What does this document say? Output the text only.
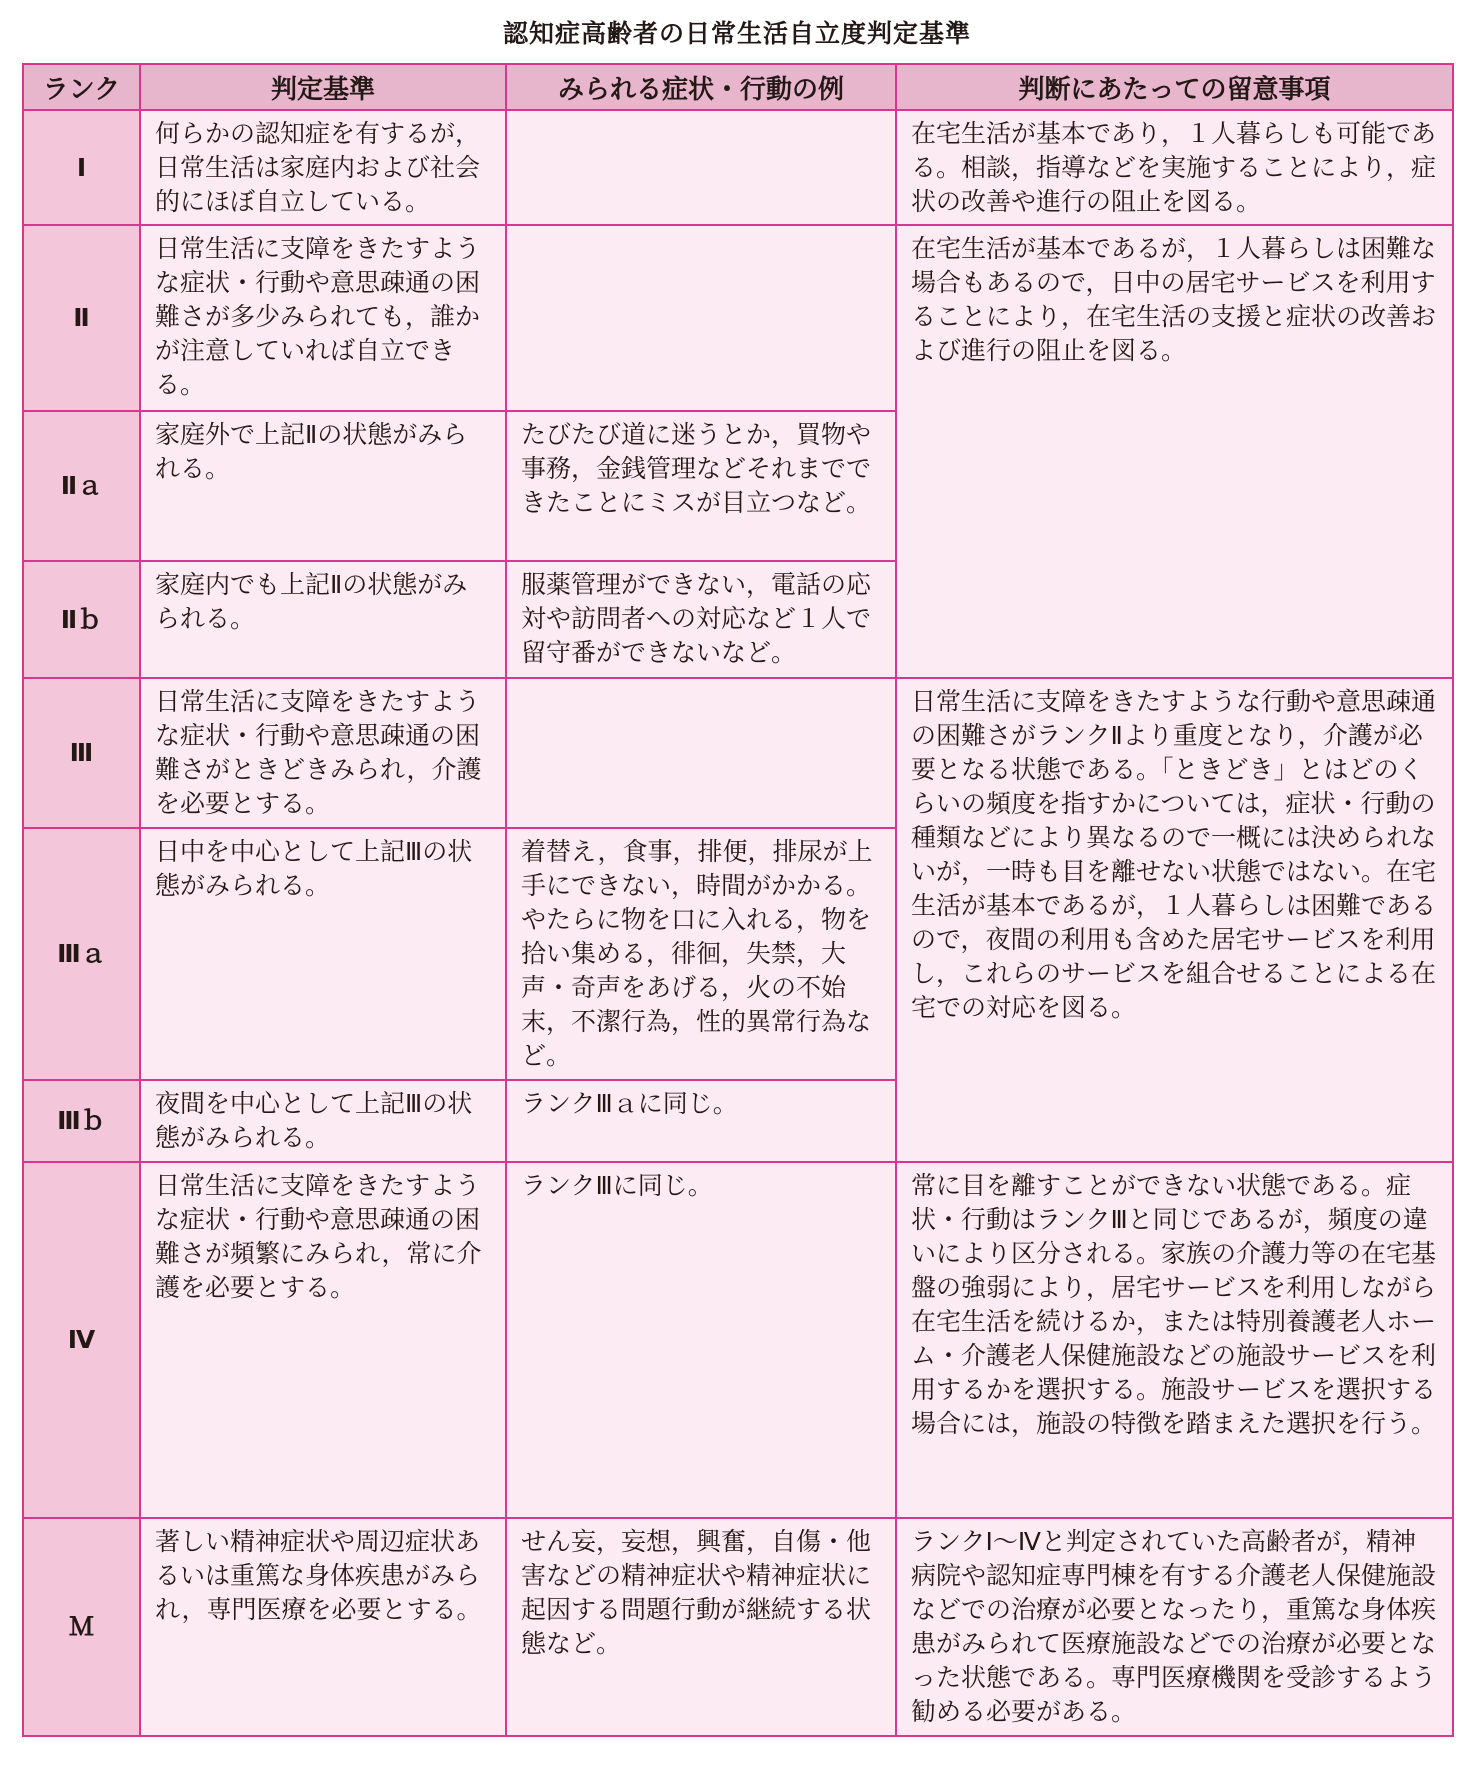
認知症高齢者の日常生活自立度判定基準
ランク	判定基準	みられる症状・行動の例	判断にあたっての留意事項
Ⅰ	何らかの認知症を有するが，日常生活は家庭内および社会的にほぼ自立している。		在宅生活が基本であり，１人暮らしも可能である。相談，指導などを実施することにより，症状の改善や進行の阻止を図る。
Ⅱ	日常生活に支障をきたすような症状・行動や意思疎通の困難さが多少みられても，誰かが注意していれば自立できる。		在宅生活が基本であるが，１人暮らしは困難な場合もあるので，日中の居宅サービスを利用することにより，在宅生活の支援と症状の改善および進行の阻止を図る。
Ⅱａ	家庭外で上記Ⅱの状態がみられる。	たびたび道に迷うとか，買物や事務，金銭管理などそれまでできたことにミスが目立つなど。	
Ⅱｂ	家庭内でも上記Ⅱの状態がみられる。	服薬管理ができない，電話の応対や訪問者への対応など１人で留守番ができないなど。	
Ⅲ	日常生活に支障をきたすような症状・行動や意思疎通の困難さがときどきみられ，介護を必要とする。		日常生活に支障をきたすような行動や意思疎通の困難さがランクⅡより重度となり，介護が必要となる状態である。「ときどき」とはどのくらいの頻度を指すかについては，症状・行動の種類などにより異なるので一概には決められないが，一時も目を離せない状態ではない。在宅生活が基本であるが，１人暮らしは困難であるので，夜間の利用も含めた居宅サービスを利用し，これらのサービスを組合せることによる在宅での対応を図る。
Ⅲａ	日中を中心として上記Ⅲの状態がみられる。	着替え，食事，排便，排尿が上手にできない，時間がかかる。やたらに物を口に入れる，物を拾い集める，徘徊，失禁，大声・奇声をあげる，火の不始末，不潔行為，性的異常行為など。	
Ⅲｂ	夜間を中心として上記Ⅲの状態がみられる。	ランクⅢａに同じ。	
Ⅳ	日常生活に支障をきたすような症状・行動や意思疎通の困難さが頻繁にみられ，常に介護を必要とする。	ランクⅢに同じ。	常に目を離すことができない状態である。症状・行動はランクⅢと同じであるが，頻度の違いにより区分される。家族の介護力等の在宅基盤の強弱により，居宅サービスを利用しながら在宅生活を続けるか，または特別養護老人ホーム・介護老人保健施設などの施設サービスを利用するかを選択する。施設サービスを選択する場合には，施設の特徴を踏まえた選択を行う。
Ｍ	著しい精神症状や周辺症状あるいは重篤な身体疾患がみられ，専門医療を必要とする。	せん妄，妄想，興奮，自傷・他害などの精神症状や精神症状に起因する問題行動が継続する状態など。	ランクⅠ～Ⅳと判定されていた高齢者が，精神病院や認知症専門棟を有する介護老人保健施設などでの治療が必要となったり，重篤な身体疾患がみられて医療施設などでの治療が必要となった状態である。専門医療機関を受診するよう勧める必要がある。
